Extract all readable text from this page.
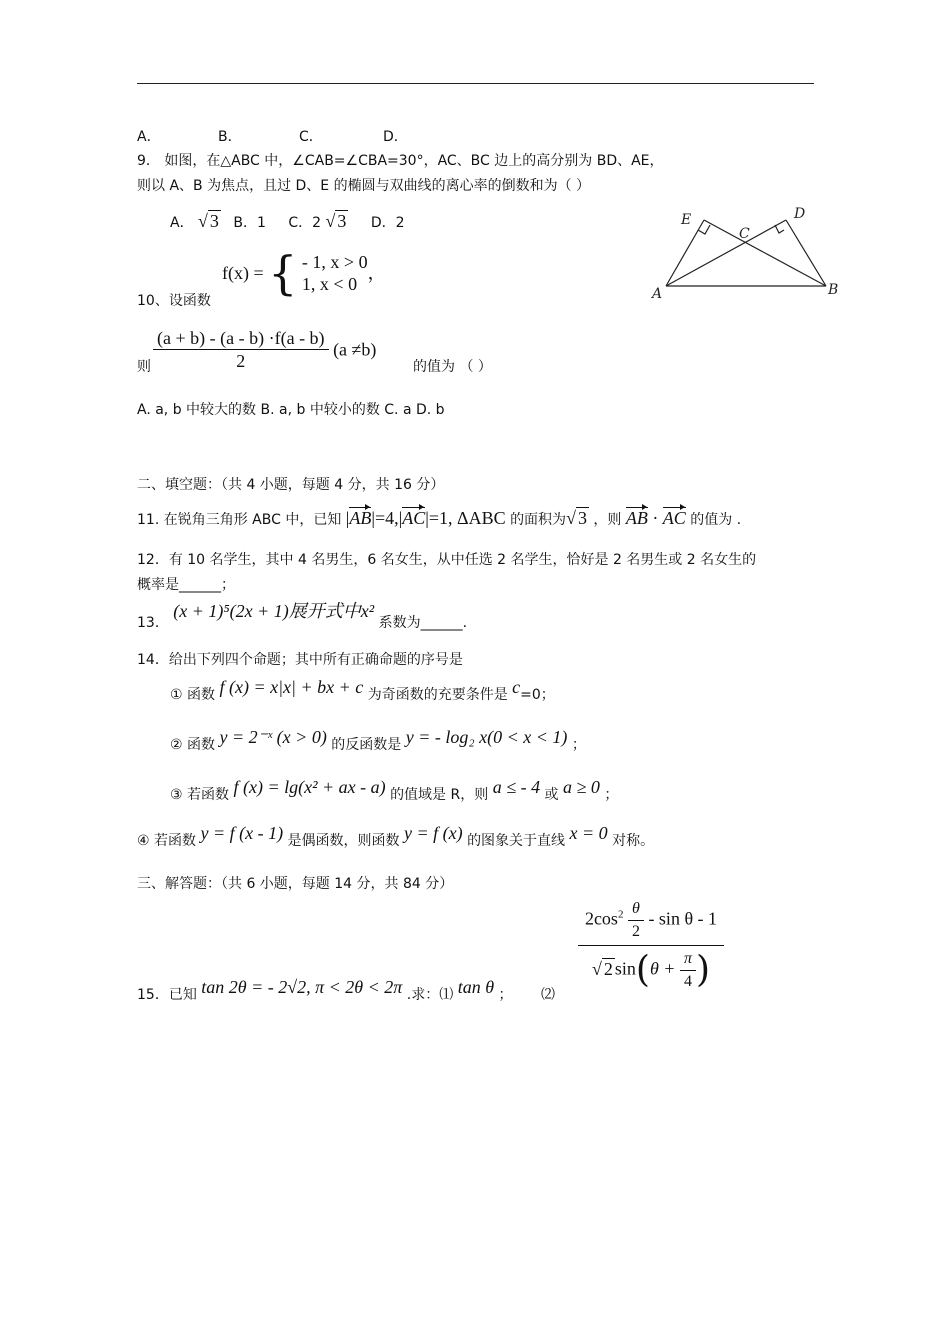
A．	B．	C．	D．
9． 如图，在△ABC 中，∠CAB=∠CBA=30°，AC、BC 边上的高分别为 BD、AE，
则以 A、B 为焦点，且过 D、E 的椭圆与双曲线的离心率的倒数和为（ ）
A． √ 3 B．1 C．2 √ 3 D．2	E
C
D
A	B
f(x) = { - 1, x > 0
1, x < 0
，
10、设函数
则 $\frac{(a + b) - (a - b) \cdot f(a - b)}{2} (a \ne b)$
的值为 （ ）
A. a, b 中较大的数 B. a, b 中较小的数 C. a D. b
二、填空题：（共 4 小题，每题 4 分，共 16 分）
11. 在锐角三角形 ABC 中，已知 |AB|=4,|AC|=1, ΔABC 的面积为√ 3 ，则 AB · AC 的值为 .
12．有 10 名学生，其中 4 名男生，6 名女生，从中任选 2 名学生，恰好是 2 名男生或 2 名女生的
概率是______；
13． (x + 1)⁵(2x + 1)展开式中x² 系数为______.
14．给出下列四个命题；其中所有正确命题的序号是
① 函数 f (x) = x|x| + bx + c 为奇函数的充要条件是 c=0；
② 函数 y = 2⁻ˣ (x > 0) 的反函数是 y = - log₂ x(0 < x < 1) ；
③ 若函数 f (x) = lg(x² + ax - a) 的值域是 R，则 a ≤ - 4 或 a ≥ 0 ；
④ 若函数 y = f (x - 1) 是偶函数，则函数 y = f (x) 的图象关于直线 x = 0 对称。
三、解答题：（共 6 小题，每题 14 分，共 84 分）
$2\cos^2 \frac{\theta}{2}$ - sin θ - 1
√ 2 $\sin(\theta + \frac{\pi}{4}$ )
15．已知 tan 2θ = - 2√2, π < 2θ < 2π .求：⑴ tan θ ； ⑵
